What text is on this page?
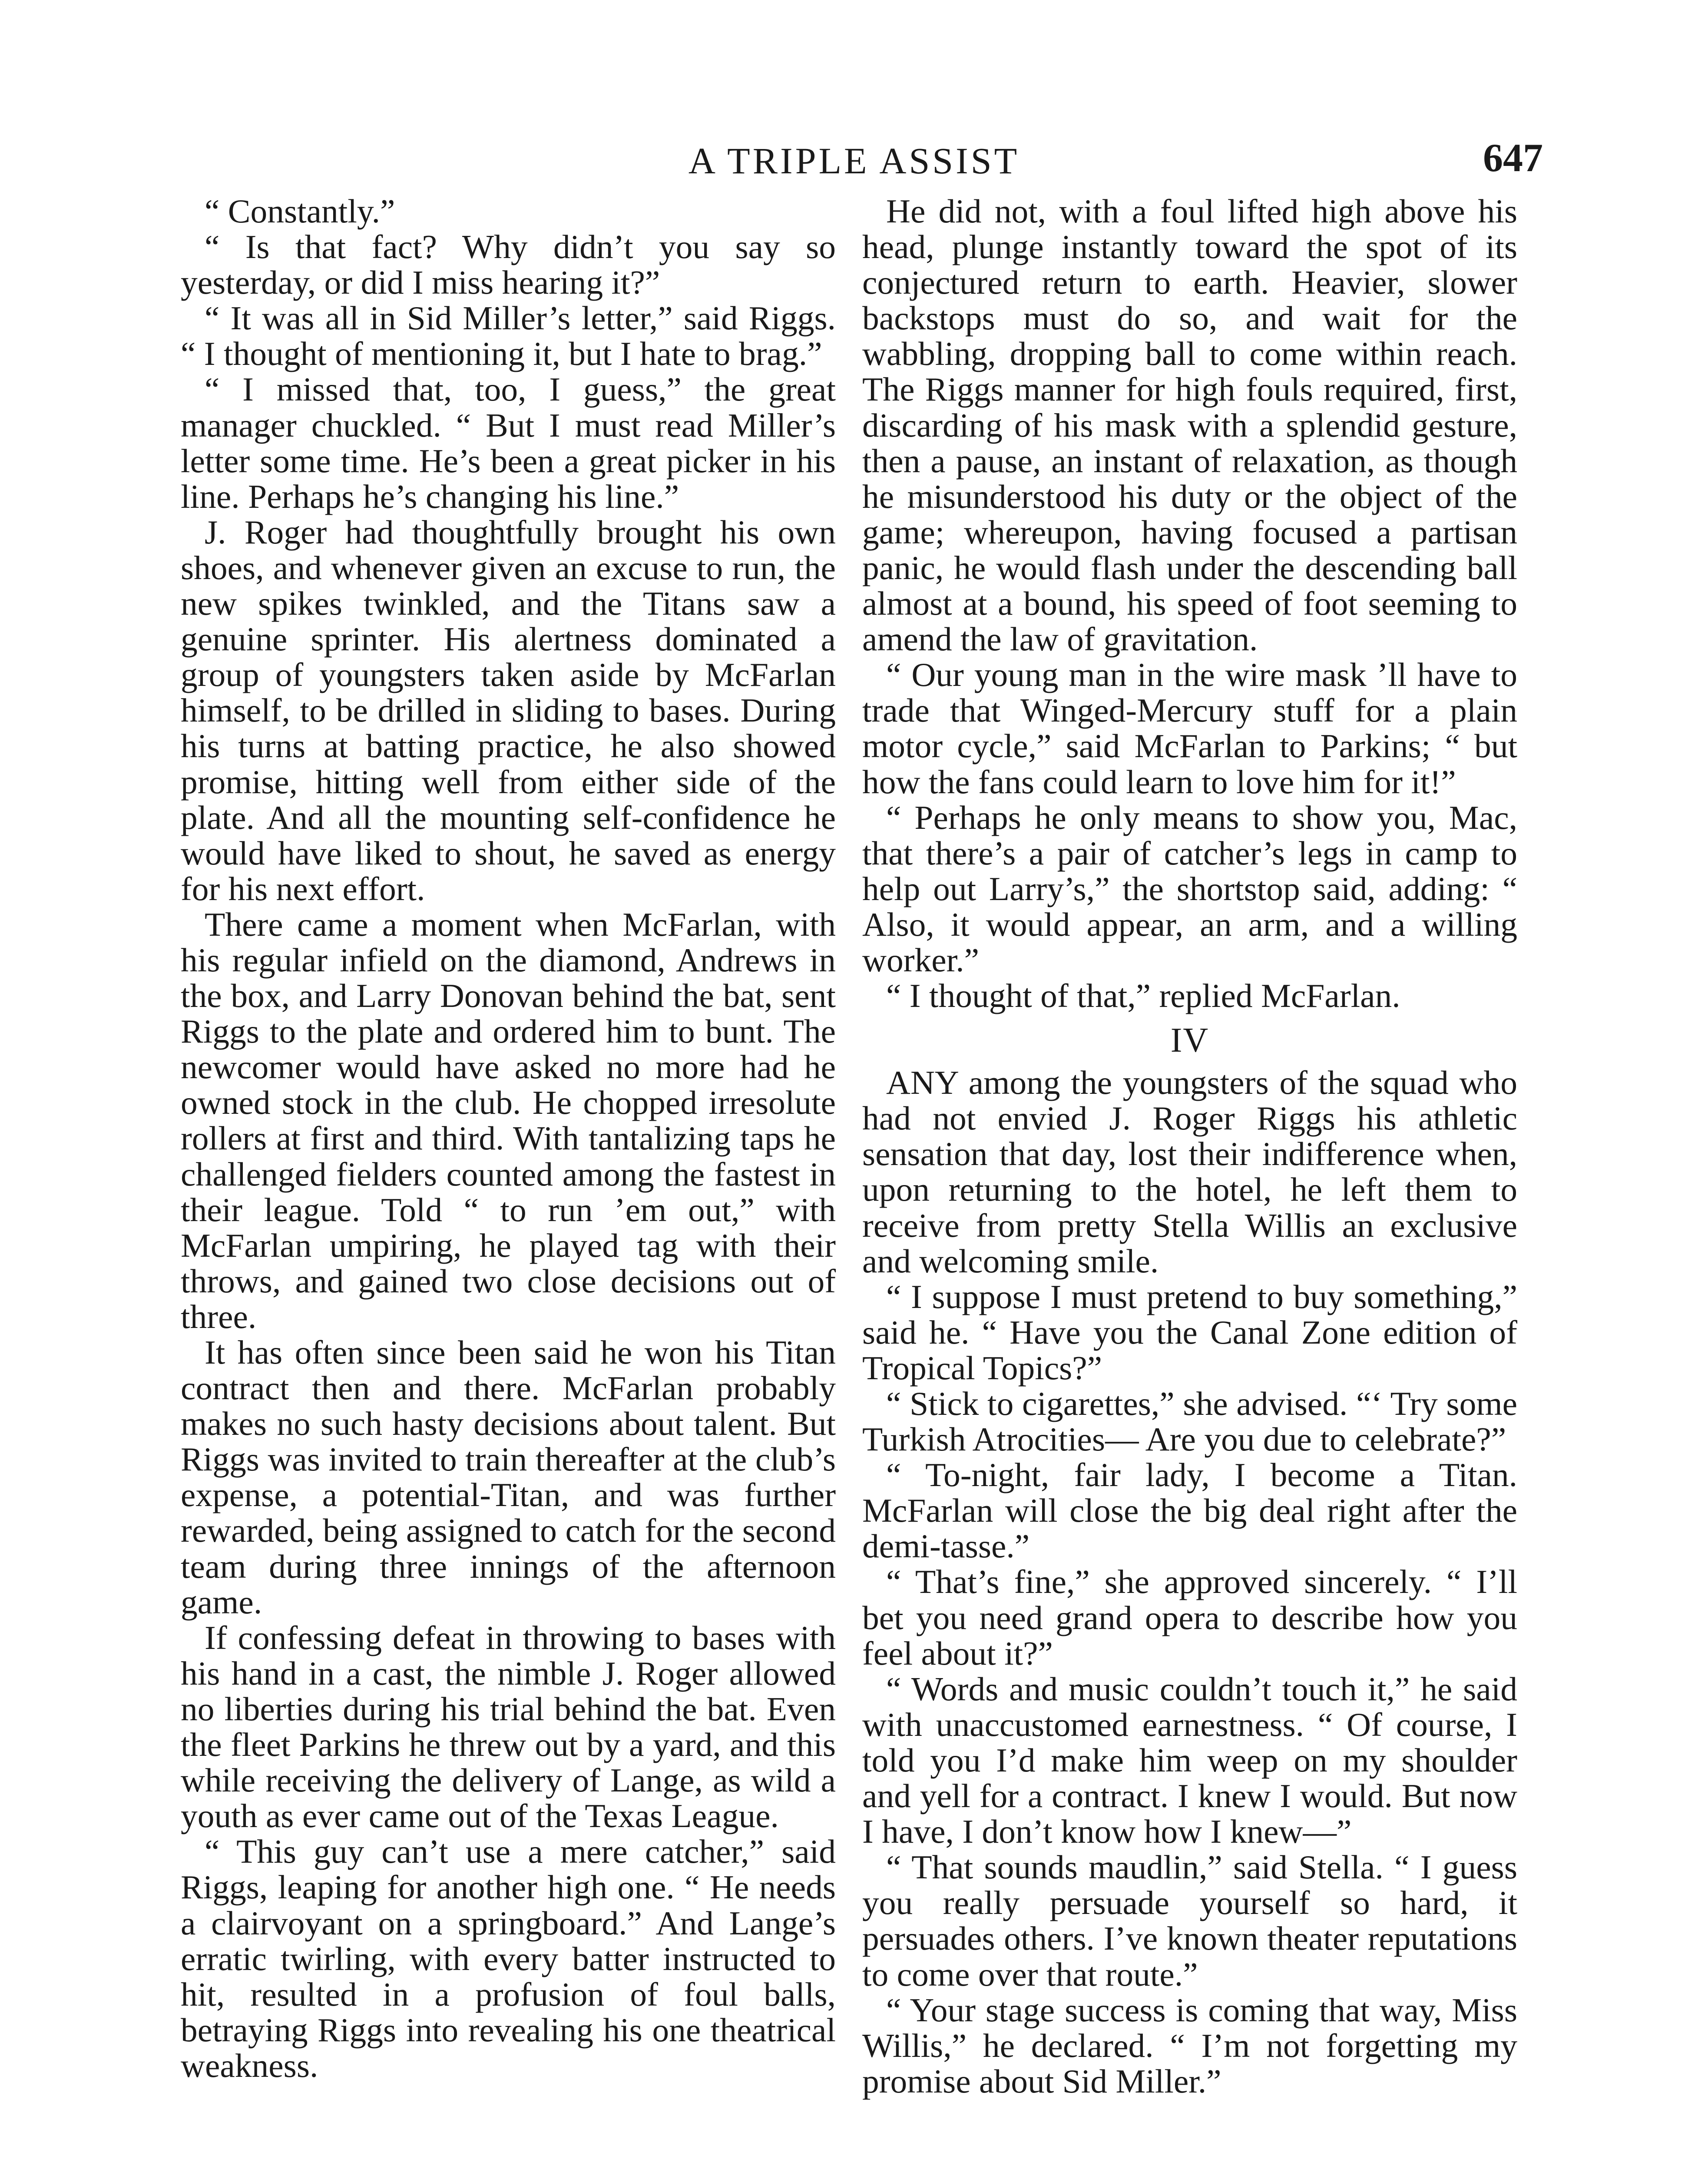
A TRIPLE ASSIST	647

“ Constantly.”

“ Is that fact? Why didn’t you say so yesterday, or did I miss hearing it?”

“ It was all in Sid Miller’s letter,” said Riggs. “ I thought of mentioning it, but I hate to brag.”

“ I missed that, too, I guess,” the great manager chuckled. “ But I must read Miller’s letter some time. He’s been a great picker in his line. Perhaps he’s changing his line.”

J. Roger had thoughtfully brought his own shoes, and whenever given an excuse to run, the new spikes twinkled, and the Titans saw a genuine sprinter. His alertness dominated a group of youngsters taken aside by McFarlan himself, to be drilled in sliding to bases. During his turns at batting practice, he also showed promise, hitting well from either side of the plate. And all the mounting self-confidence he would have liked to shout, he saved as energy for his next effort.

There came a moment when McFarlan, with his regular infield on the diamond, Andrews in the box, and Larry Donovan behind the bat, sent Riggs to the plate and ordered him to bunt. The newcomer would have asked no more had he owned stock in the club. He chopped irresolute rollers at first and third. With tantalizing taps he challenged fielders counted among the fastest in their league. Told “ to run ’em out,” with McFarlan umpiring, he played tag with their throws, and gained two close decisions out of three.

It has often since been said he won his Titan contract then and there. McFarlan probably makes no such hasty decisions about talent. But Riggs was invited to train thereafter at the club’s expense, a potential-Titan, and was further rewarded, being assigned to catch for the second team during three innings of the afternoon game.

If confessing defeat in throwing to bases with his hand in a cast, the nimble J. Roger allowed no liberties during his trial behind the bat. Even the fleet Parkins he threw out by a yard, and this while receiving the delivery of Lange, as wild a youth as ever came out of the Texas League.

“ This guy can’t use a mere catcher,” said Riggs, leaping for another high one. “ He needs a clairvoyant on a springboard.” And Lange’s erratic twirling, with every batter instructed to hit, resulted in a profusion of foul balls, betraying Riggs into revealing his one theatrical weakness.

He did not, with a foul lifted high above his head, plunge instantly toward the spot of its conjectured return to earth. Heavier, slower backstops must do so, and wait for the wabbling, dropping ball to come within reach. The Riggs manner for high fouls required, first, discarding of his mask with a splendid gesture, then a pause, an instant of relaxation, as though he misunderstood his duty or the object of the game; whereupon, having focused a partisan panic, he would flash under the descending ball almost at a bound, his speed of foot seeming to amend the law of gravitation.

“ Our young man in the wire mask ’ll have to trade that Winged-Mercury stuff for a plain motor cycle,” said McFarlan to Parkins; “ but how the fans could learn to love him for it!”

“ Perhaps he only means to show you, Mac, that there’s a pair of catcher’s legs in camp to help out Larry’s,” the shortstop said, adding: “ Also, it would appear, an arm, and a willing worker.”

“ I thought of that,” replied McFarlan.

IV

ANY among the youngsters of the squad who had not envied J. Roger Riggs his athletic sensation that day, lost their indifference when, upon returning to the hotel, he left them to receive from pretty Stella Willis an exclusive and welcoming smile.

“ I suppose I must pretend to buy something,” said he. “ Have you the Canal Zone edition of Tropical Topics?”

“ Stick to cigarettes,” she advised. “‘ Try some Turkish Atrocities— Are you due to celebrate?”

“ To-night, fair lady, I become a Titan. McFarlan will close the big deal right after the demi-tasse.”

“ That’s fine,” she approved sincerely. “ I’ll bet you need grand opera to describe how you feel about it?”

“ Words and music couldn’t touch it,” he said with unaccustomed earnestness. “ Of course, I told you I’d make him weep on my shoulder and yell for a contract. I knew I would. But now I have, I don’t know how I knew—”

“ That sounds maudlin,” said Stella. “ I guess you really persuade yourself so hard, it persuades others. I’ve known theater reputations to come over that route.”

“ Your stage success is coming that way, Miss Willis,” he declared. “ I’m not forgetting my promise about Sid Miller.”
